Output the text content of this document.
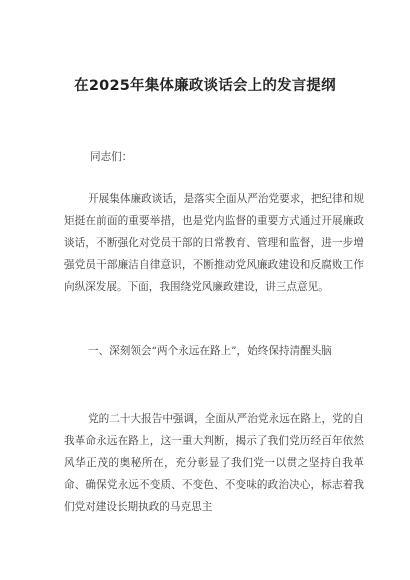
在2025年集体廉政谈话会上的发言提纲
同志们：
开展集体廉政谈话，是落实全面从严治党要求，把纪律和规矩挺在前面的重要举措，也是党内监督的重要方式通过开展廉政谈话，不断强化对党员干部的日常教育、管理和监督，进一步增强党员干部廉洁自律意识，不断推动党风廉政建设和反腐败工作向纵深发展。下面，我围绕党风廉政建设，讲三点意见。
一、深刻领会“两个永远在路上”，始终保持清醒头脑
党的二十大报告中强调，全面从严治党永远在路上，党的自我革命永远在路上，这一重大判断，揭示了我们党历经百年依然风华正茂的奥秘所在，充分彰显了我们党一以贯之坚持自我革命、确保党永远不变质、不变色、不变味的政治决心，标志着我们党对建设长期执政的马克思主
